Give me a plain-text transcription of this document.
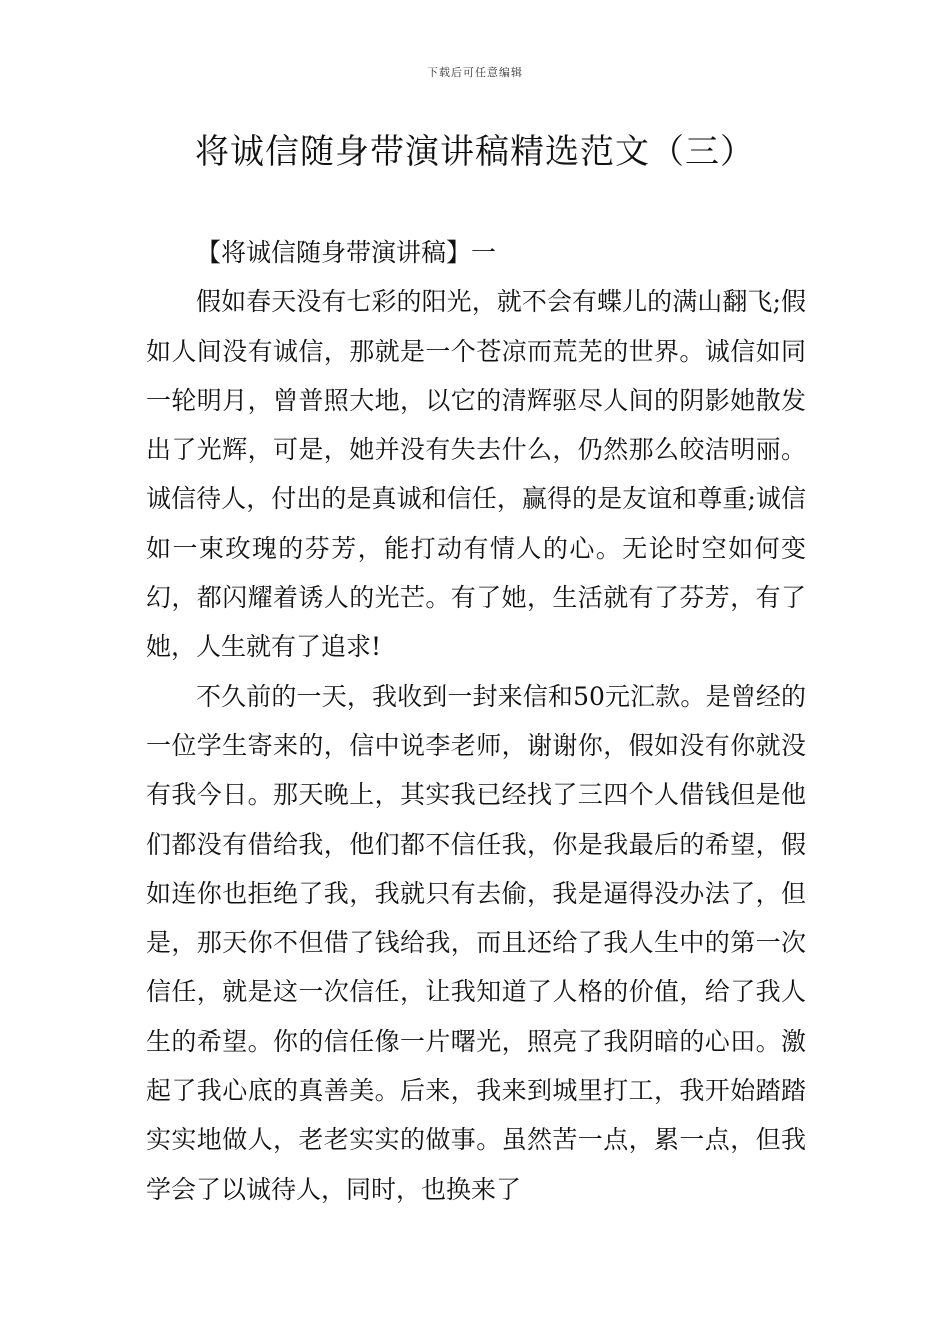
下载后可任意编辑
将诚信随身带演讲稿精选范文（三）

【将诚信随身带演讲稿】一

假如春天没有七彩的阳光，就不会有蝶儿的满山翻飞;假如人间没有诚信，那就是一个苍凉而荒芜的世界。诚信如同一轮明月，曾普照大地，以它的清辉驱尽人间的阴影她散发出了光辉，可是，她并没有失去什么，仍然那么皎洁明丽。诚信待人，付出的是真诚和信任，赢得的是友谊和尊重;诚信如一束玫瑰的芬芳，能打动有情人的心。无论时空如何变幻，都闪耀着诱人的光芒。有了她，生活就有了芬芳，有了她，人生就有了追求!

不久前的一天，我收到一封来信和50元汇款。是曾经的一位学生寄来的，信中说李老师，谢谢你，假如没有你就没有我今日。那天晚上，其实我已经找了三四个人借钱但是他们都没有借给我，他们都不信任我，你是我最后的希望，假如连你也拒绝了我，我就只有去偷，我是逼得没办法了，但是，那天你不但借了钱给我，而且还给了我人生中的第一次信任，就是这一次信任，让我知道了人格的价值，给了我人生的希望。你的信任像一片曙光，照亮了我阴暗的心田。激起了我心底的真善美。后来，我来到城里打工，我开始踏踏实实地做人，老老实实的做事。虽然苦一点，累一点，但我学会了以诚待人，同时，也换来了
